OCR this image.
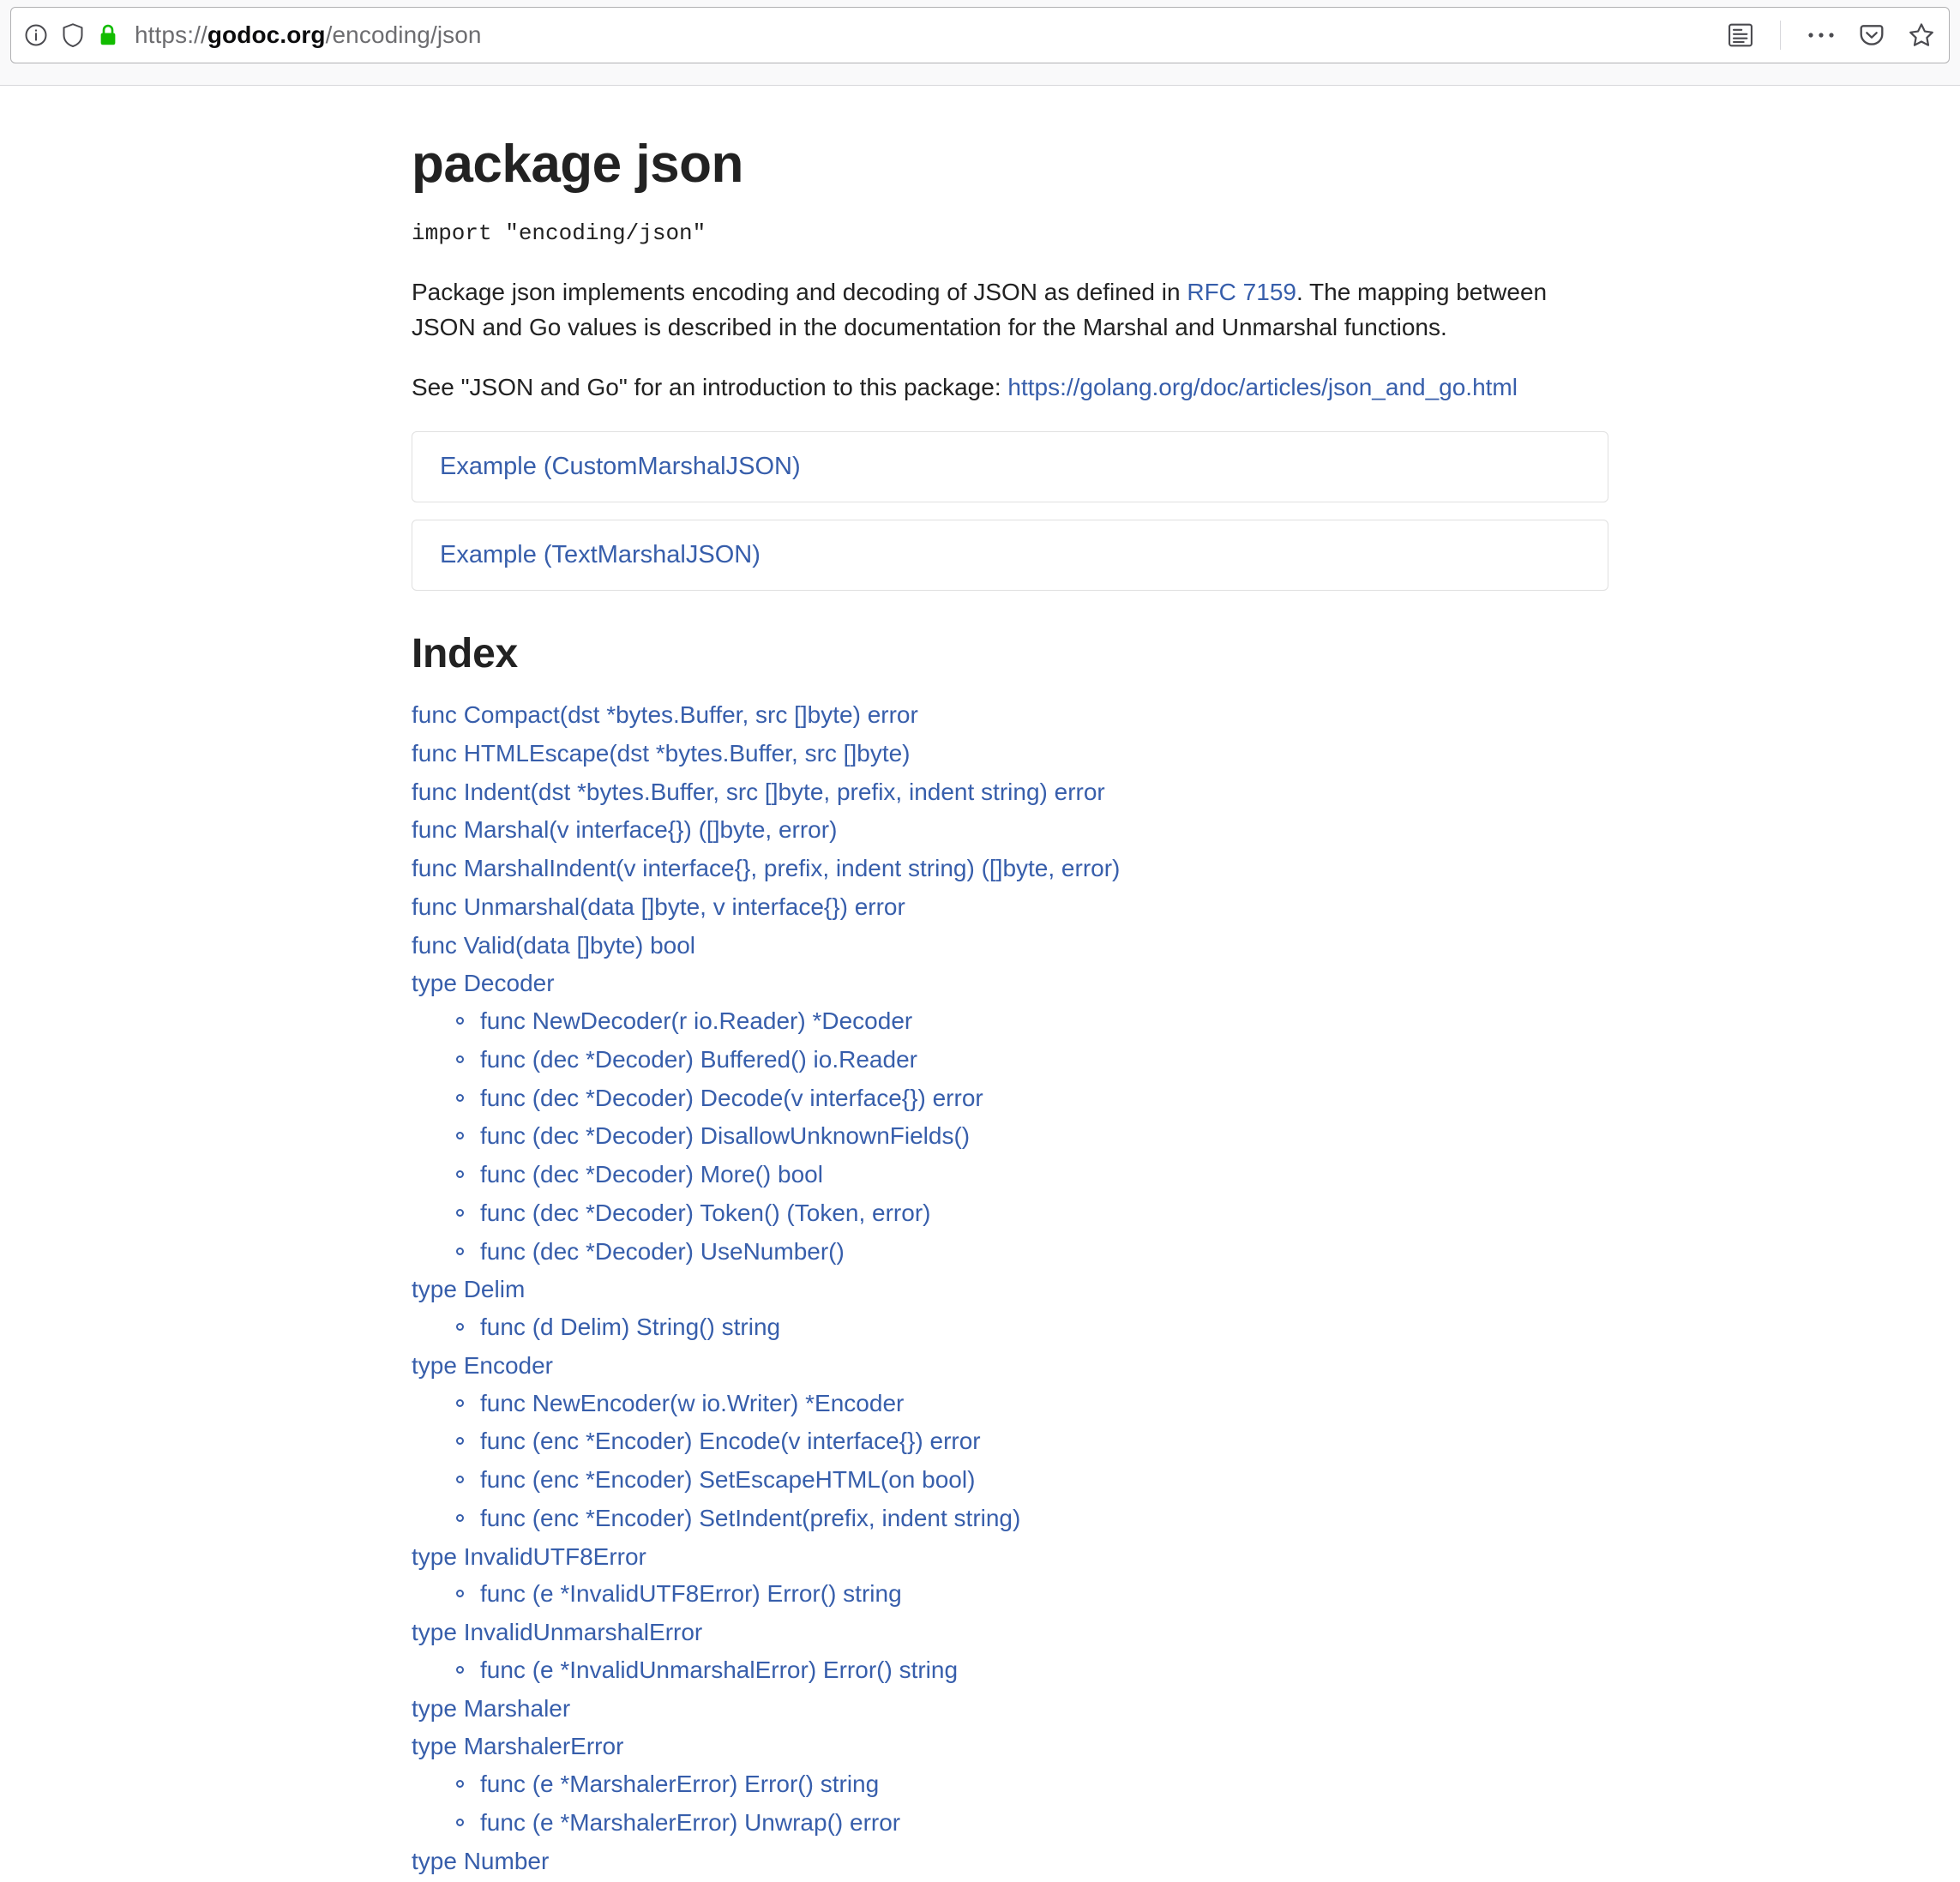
https://godoc.org/encoding/json
package json
import "encoding/json"

Package json implements encoding and decoding of JSON as defined in RFC 7159. The mapping between JSON and Go values is described in the documentation for the Marshal and Unmarshal functions.

See "JSON and Go" for an introduction to this package: https://golang.org/doc/articles/json_and_go.html

Example (CustomMarshalJSON)
Example (TextMarshalJSON)
Index
func Compact(dst *bytes.Buffer, src []byte) error
func HTMLEscape(dst *bytes.Buffer, src []byte)
func Indent(dst *bytes.Buffer, src []byte, prefix, indent string) error
func Marshal(v interface{}) ([]byte, error)
func MarshalIndent(v interface{}, prefix, indent string) ([]byte, error)
func Unmarshal(data []byte, v interface{}) error
func Valid(data []byte) bool
type Decoder
func NewDecoder(r io.Reader) *Decoder
func (dec *Decoder) Buffered() io.Reader
func (dec *Decoder) Decode(v interface{}) error
func (dec *Decoder) DisallowUnknownFields()
func (dec *Decoder) More() bool
func (dec *Decoder) Token() (Token, error)
func (dec *Decoder) UseNumber()
type Delim
func (d Delim) String() string
type Encoder
func NewEncoder(w io.Writer) *Encoder
func (enc *Encoder) Encode(v interface{}) error
func (enc *Encoder) SetEscapeHTML(on bool)
func (enc *Encoder) SetIndent(prefix, indent string)
type InvalidUTF8Error
func (e *InvalidUTF8Error) Error() string
type InvalidUnmarshalError
func (e *InvalidUnmarshalError) Error() string
type Marshaler
type MarshalerError
func (e *MarshalerError) Error() string
func (e *MarshalerError) Unwrap() error
type Number
